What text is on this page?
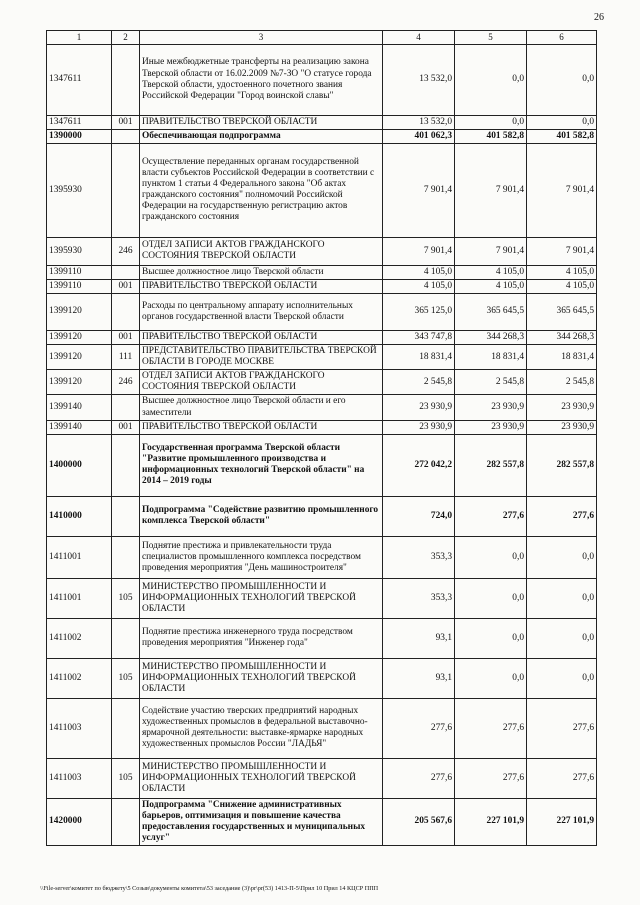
26
1	2	3	4	5	6
1347611		Иные межбюджетные трансферты на реализацию закона Тверской области от 16.02.2009 №7-ЗО "О статусе города Тверской области, удостоенного почетного звания Российской Федерации "Город воинской славы"	13 532,0	0,0	0,0
1347611	001	ПРАВИТЕЛЬСТВО ТВЕРСКОЙ ОБЛАСТИ	13 532,0	0,0	0,0
1390000		Обеспечивающая подпрограмма	401 062,3	401 582,8	401 582,8
1395930		Осуществление переданных органам государственной власти субъектов Российской Федерации в соответствии с пунктом 1 статьи 4 Федерального закона "Об актах гражданского состояния" полномочий Российской Федерации на государственную регистрацию актов гражданского состояния	7 901,4	7 901,4	7 901,4
1395930	246	ОТДЕЛ ЗАПИСИ АКТОВ ГРАЖДАНСКОГО СОСТОЯНИЯ ТВЕРСКОЙ ОБЛАСТИ	7 901,4	7 901,4	7 901,4
1399110		Высшее должностное лицо Тверской области	4 105,0	4 105,0	4 105,0
1399110	001	ПРАВИТЕЛЬСТВО ТВЕРСКОЙ ОБЛАСТИ	4 105,0	4 105,0	4 105,0
1399120		Расходы по центральному аппарату исполнительных органов государственной власти Тверской области	365 125,0	365 645,5	365 645,5
1399120	001	ПРАВИТЕЛЬСТВО ТВЕРСКОЙ ОБЛАСТИ	343 747,8	344 268,3	344 268,3
1399120	111	ПРЕДСТАВИТЕЛЬСТВО ПРАВИТЕЛЬСТВА ТВЕРСКОЙ ОБЛАСТИ В ГОРОДЕ МОСКВЕ	18 831,4	18 831,4	18 831,4
1399120	246	ОТДЕЛ ЗАПИСИ АКТОВ ГРАЖДАНСКОГО СОСТОЯНИЯ ТВЕРСКОЙ ОБЛАСТИ	2 545,8	2 545,8	2 545,8
1399140		Высшее должностное лицо Тверской области и его заместители	23 930,9	23 930,9	23 930,9
1399140	001	ПРАВИТЕЛЬСТВО ТВЕРСКОЙ ОБЛАСТИ	23 930,9	23 930,9	23 930,9
1400000		Государственная программа Тверской области "Развитие промышленного производства и информационных технологий Тверской области" на 2014 – 2019 годы	272 042,2	282 557,8	282 557,8
1410000		Подпрограмма "Содействие развитию промышленного комплекса Тверской области"	724,0	277,6	277,6
1411001		Поднятие престижа и привлекательности труда специалистов промышленного комплекса посредством проведения мероприятия "День машиностроителя"	353,3	0,0	0,0
1411001	105	МИНИСТЕРСТВО ПРОМЫШЛЕННОСТИ И ИНФОРМАЦИОННЫХ ТЕХНОЛОГИЙ ТВЕРСКОЙ ОБЛАСТИ	353,3	0,0	0,0
1411002		Поднятие престижа инженерного труда посредством проведения мероприятия "Инженер года"	93,1	0,0	0,0
1411002	105	МИНИСТЕРСТВО ПРОМЫШЛЕННОСТИ И ИНФОРМАЦИОННЫХ ТЕХНОЛОГИЙ ТВЕРСКОЙ ОБЛАСТИ	93,1	0,0	0,0
1411003		Содействие участию тверских предприятий народных художественных промыслов в федеральной выставочно-ярмарочной деятельности: выставке-ярмарке народных художественных промыслов России "ЛАДЬЯ"	277,6	277,6	277,6
1411003	105	МИНИСТЕРСТВО ПРОМЫШЛЕННОСТИ И ИНФОРМАЦИОННЫХ ТЕХНОЛОГИЙ ТВЕРСКОЙ ОБЛАСТИ	277,6	277,6	277,6
1420000		Подпрограмма "Снижение административных барьеров, оптимизация и повышение качества предоставления государственных и муниципальных услуг"	205 567,6	227 101,9	227 101,9
\\File-server\комитет по бюджету\5 Созыв\документы комитета\53 заседание (3)\pr\pr(53) 1413-П-5\Прил 10 Прил 14 КЦСР ППП
